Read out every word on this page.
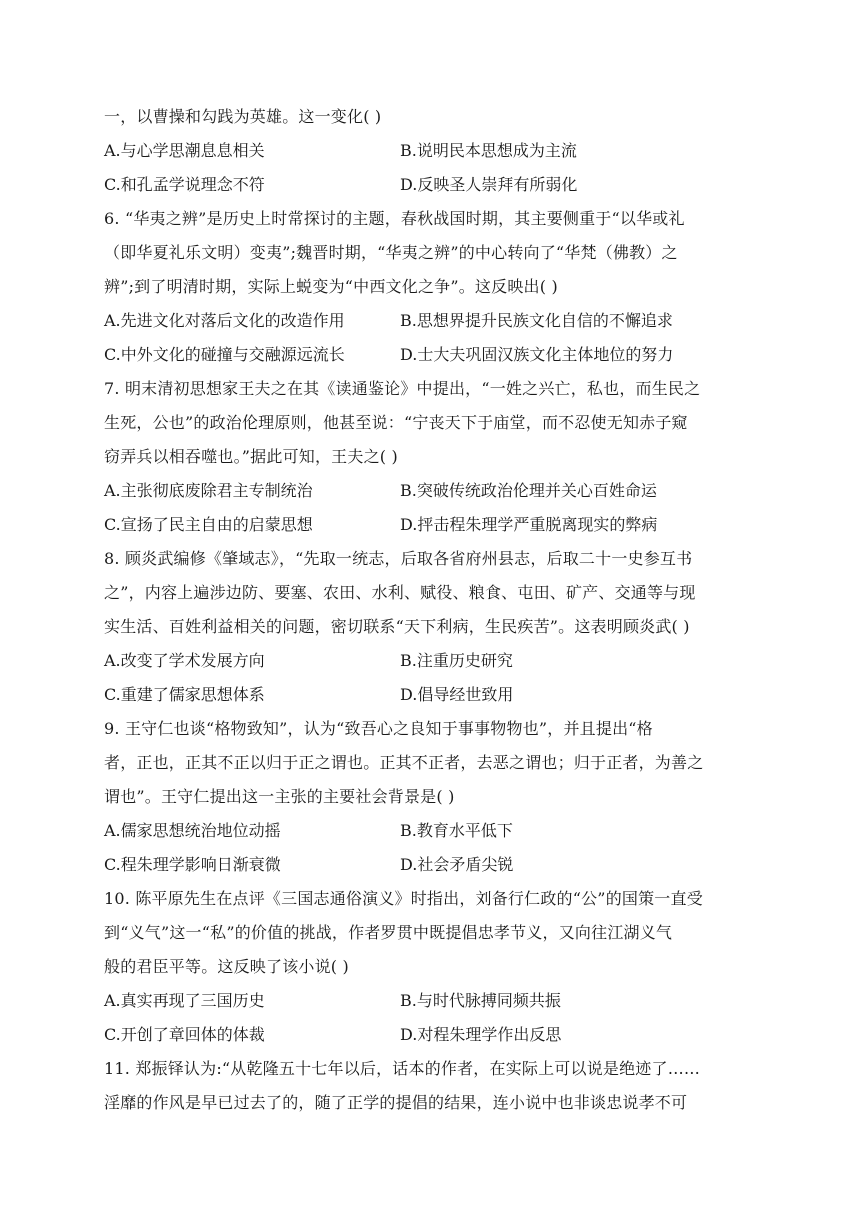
一，以曹操和勾践为英雄。这一变化( )
A.与心学思潮息息相关	B.说明民本思想成为主流
C.和孔孟学说理念不符	D.反映圣人崇拜有所弱化
6. “华夷之辨”是历史上时常探讨的主题，春秋战国时期，其主要侧重于“以华或礼
（即华夏礼乐文明）变夷”;魏晋时期，“华夷之辨”的中心转向了“华梵（佛教）之
辨”;到了明清时期，实际上蜕变为“中西文化之争”。这反映出( )
A.先进文化对落后文化的改造作用	B.思想界提升民族文化自信的不懈追求
C.中外文化的碰撞与交融源远流长	D.士大夫巩固汉族文化主体地位的努力
7. 明末清初思想家王夫之在其《读通鉴论》中提出，“一姓之兴亡，私也，而生民之
生死，公也”的政治伦理原则，他甚至说：“宁丧天下于庙堂，而不忍使无知赤子窥
窃弄兵以相吞噬也。”据此可知，王夫之( )
A.主张彻底废除君主专制统治	B.突破传统政治伦理并关心百姓命运
C.宣扬了民主自由的启蒙思想	D.抨击程朱理学严重脱离现实的弊病
8. 顾炎武编修《肇域志》，“先取一统志，后取各省府州县志，后取二十一史参互书
之”，内容上遍涉边防、要塞、农田、水利、赋役、粮食、屯田、矿产、交通等与现
实生活、百姓利益相关的问题，密切联系“天下利病，生民疾苦”。这表明顾炎武( )
A.改变了学术发展方向	B.注重历史研究
C.重建了儒家思想体系	D.倡导经世致用
9. 王守仁也谈“格物致知”，认为“致吾心之良知于事事物物也”，并且提出“格
者，正也，正其不正以归于正之谓也。正其不正者，去恶之谓也；归于正者，为善之
谓也”。王守仁提出这一主张的主要社会背景是( )
A.儒家思想统治地位动摇	B.教育水平低下
C.程朱理学影响日渐衰微	D.社会矛盾尖锐
10. 陈平原先生在点评《三国志通俗演义》时指出，刘备行仁政的“公”的国策一直受
到“义气”这一“私”的价值的挑战，作者罗贯中既提倡忠孝节义，又向往江湖义气
般的君臣平等。这反映了该小说( )
A.真实再现了三国历史	B.与时代脉搏同频共振
C.开创了章回体的体裁	D.对程朱理学作出反思
11. 郑振铎认为:“从乾隆五十七年以后，话本的作者，在实际上可以说是绝迹了……
淫靡的作风是早已过去了的，随了正学的提倡的结果，连小说中也非谈忠说孝不可
